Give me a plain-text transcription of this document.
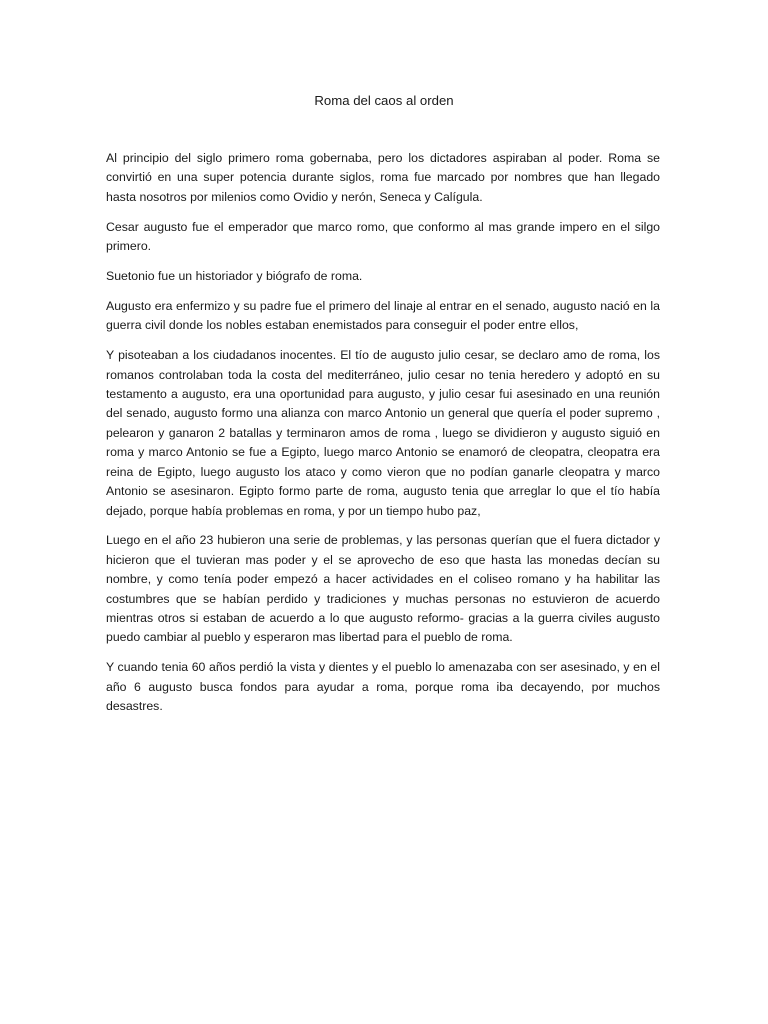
Roma del caos al orden

Al principio del siglo primero roma gobernaba, pero los dictadores aspiraban al poder. Roma se convirtió en una super potencia durante siglos, roma fue marcado por nombres que han llegado hasta nosotros por milenios como Ovidio y nerón, Seneca y Calígula.

Cesar augusto fue el emperador que marco romo, que conformo al mas grande impero en el silgo primero.

Suetonio fue un historiador y biógrafo de roma.

Augusto era enfermizo y su padre fue el primero del linaje al entrar en el senado, augusto nació en la guerra civil donde los nobles estaban enemistados para conseguir el poder entre ellos,

Y pisoteaban a los ciudadanos inocentes. El tío de augusto julio cesar, se declaro amo de roma, los romanos controlaban toda la costa del mediterráneo, julio cesar no tenia heredero y adoptó en su testamento a augusto, era una oportunidad para augusto, y julio cesar fui asesinado en una reunión del senado, augusto formo una alianza con marco Antonio un general que quería el poder supremo , pelearon y ganaron 2 batallas y terminaron amos de roma , luego se dividieron y augusto siguió en roma y marco Antonio se fue a Egipto, luego marco Antonio se enamoró de cleopatra, cleopatra era reina de Egipto, luego augusto los ataco y como vieron que no podían ganarle cleopatra y marco Antonio se asesinaron. Egipto formo parte de roma, augusto tenia que arreglar lo que el tío había dejado, porque había problemas en roma, y por un tiempo hubo paz,

Luego en el año 23 hubieron una serie de problemas, y las personas querían que el fuera dictador y hicieron que el tuvieran mas poder y el se aprovecho de eso que hasta las monedas decían su nombre, y como tenía poder empezó a hacer actividades en el coliseo romano y ha habilitar las costumbres que se habían perdido y tradiciones y muchas personas no estuvieron de acuerdo mientras otros si estaban de acuerdo a lo que augusto reformo- gracias a la guerra civiles augusto puedo cambiar al pueblo y esperaron mas libertad para el pueblo de roma.

Y cuando tenia 60 años perdió la vista y dientes y el pueblo lo amenazaba con ser asesinado, y en el año 6 augusto busca fondos para ayudar a roma, porque roma iba decayendo, por muchos desastres.
